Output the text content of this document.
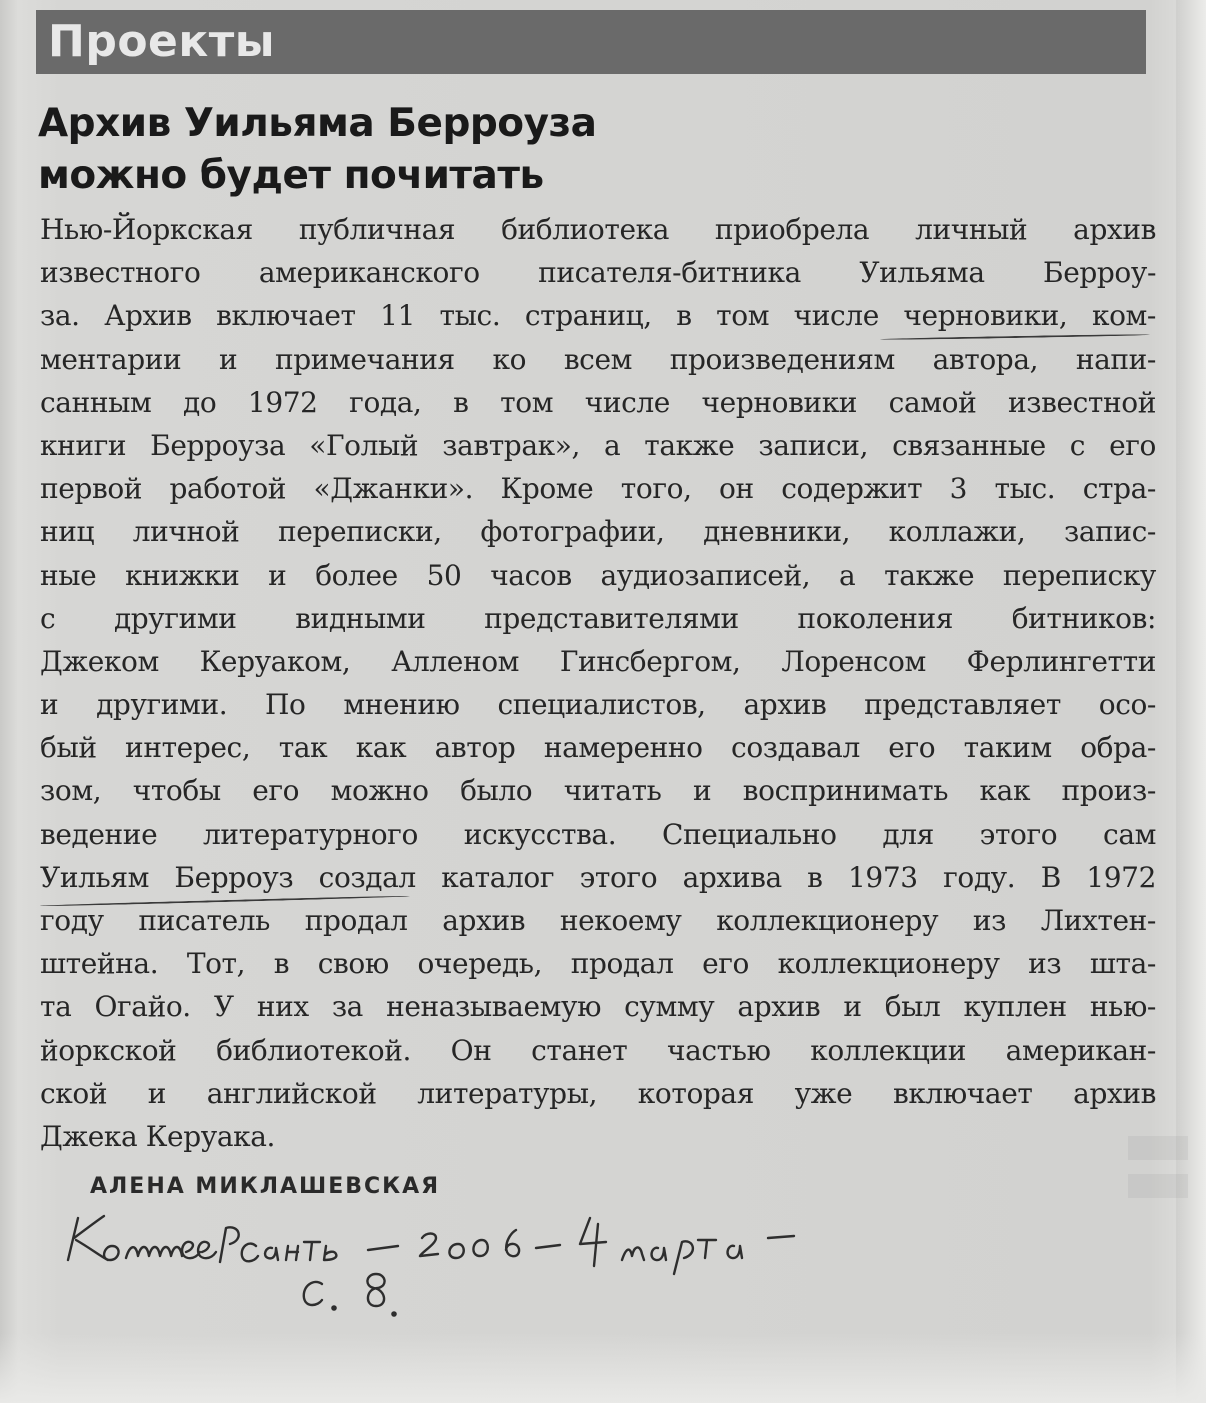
Проекты
Архив Уильяма Берроуза
можно будет почитать
Нью-Йоркская публичная библиотека приобрела личный архив
известного американского писателя-битника Уильяма Берроу-
за. Архив включает 11 тыс. страниц, в том числе черновики, ком-
ментарии и примечания ко всем произведениям автора, напи-
санным до 1972 года, в том числе черновики самой известной
книги Берроуза «Голый завтрак», а также записи, связанные с его
первой работой «Джанки». Кроме того, он содержит 3 тыс. стра-
ниц личной переписки, фотографии, дневники, коллажи, запис-
ные книжки и более 50 часов аудиозаписей, а также переписку
с другими видными представителями поколения битников:
Джеком Керуаком, Алленом Гинсбергом, Лоренсом Ферлингетти
и другими. По мнению специалистов, архив представляет осо-
бый интерес, так как автор намеренно создавал его таким обра-
зом, чтобы его можно было читать и воспринимать как произ-
ведение литературного искусства. Специально для этого сам
Уильям Берроуз создал каталог этого архива в 1973 году. В 1972
году писатель продал архив некоему коллекционеру из Лихтен-
штейна. Тот, в свою очередь, продал его коллекционеру из шта-
та Огайо. У них за неназываемую сумму архив и был куплен нью-
йоркской библиотекой. Он станет частью коллекции американ-
ской и английской литературы, которая уже включает архив
Джека Керуака.
АЛЕНА МИКЛАШЕВСКАЯ
